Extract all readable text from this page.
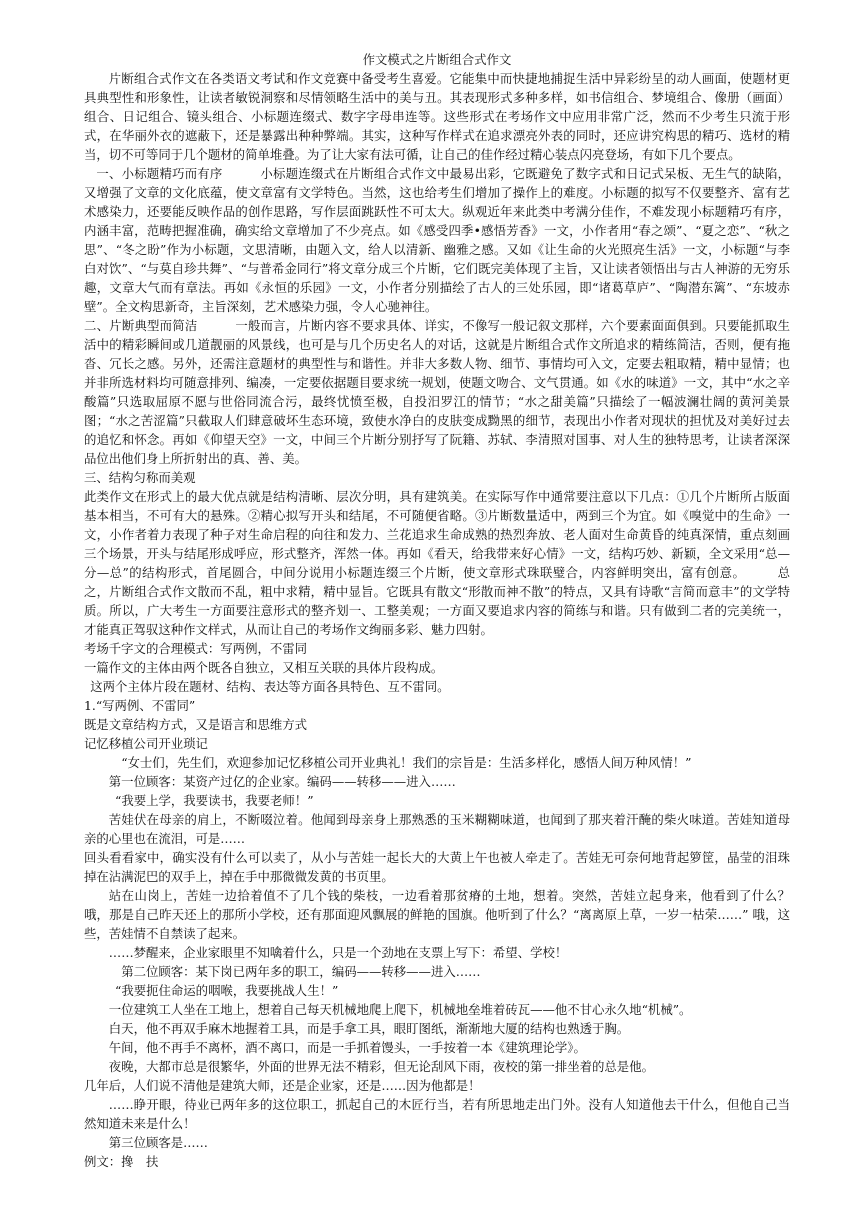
作文模式之片断组合式作文

片断组合式作文在各类语文考试和作文竞赛中备受考生喜爱。它能集中而快捷地捕捉生活中异彩纷呈的动人画面，使题材更具典型性和形象性，让读者敏锐洞察和尽情领略生活中的美与丑。其表现形式多种多样，如书信组合、梦境组合、像册（画面）组合、日记组合、镜头组合、小标题连缀式、数字字母串连等。这些形式在考场作文中应用非常广泛，然而不少考生只流于形式，在华丽外衣的遮蔽下，还是暴露出种种弊端。其实，这种写作样式在追求漂亮外表的同时，还应讲究构思的精巧、选材的精当，切不可等同于几个题材的简单堆叠。为了让大家有法可循，让自己的佳作经过精心装点闪亮登场，有如下几个要点。

一、小标题精巧而有序　　　小标题连缀式在片断组合式作文中最易出彩，它既避免了数字式和日记式呆板、无生气的缺陷，又增强了文章的文化底蕴，使文章富有文学特色。当然，这也给考生们增加了操作上的难度。小标题的拟写不仅要整齐、富有艺术感染力，还要能反映作品的创作思路，写作层面跳跃性不可太大。纵观近年来此类中考满分佳作，不难发现小标题精巧有序，内涵丰富，范畴把握准确，确实给文章增加了不少亮点。如《感受四季•感悟芳香》一文，小作者用“春之颂”、“夏之恋”、“秋之思”、“冬之盼”作为小标题，文思清晰，由题入文，给人以清新、幽雅之感。又如《让生命的火光照亮生活》一文，小标题“与李白对饮”、“与莫自珍共舞”、“与普希金同行”将文章分成三个片断，它们既完美体现了主旨，又让读者领悟出与古人神游的无穷乐趣，文章大气而有章法。再如《永恒的乐园》一文，小作者分别描绘了古人的三处乐园，即“诸葛草庐”、“陶潜东篱”、“东坡赤壁”。全文构思新奇，主旨深刻，艺术感染力强，令人心驰神往。

二、片断典型而简洁　　　一般而言，片断内容不要求具体、详实，不像写一般记叙文那样，六个要素面面俱到。只要能抓取生活中的精彩瞬间或几道靓丽的风景线，也可是与几个历史名人的对话，这就是片断组合式作文所追求的精练简洁，否则，便有拖沓、冗长之感。另外，还需注意题材的典型性与和谐性。并非大多数人物、细节、事情均可入文，定要去粗取精，精中显情；也并非所选材料均可随意排列、编凑，一定要依据题目要求统一规划，使题文吻合、文气贯通。如《水的味道》一文，其中“水之辛酸篇”只选取屈原不愿与世俗同流合污，最终忧愤至极，自投汨罗江的情节；“水之甜美篇”只描绘了一幅波澜壮阔的黄河美景图；“水之苦涩篇”只截取人们肆意破坏生态环境，致使水净白的皮肤变成黝黑的细节，表现出小作者对现状的担忧及对美好过去的追忆和怀念。再如《仰望天空》一文，中间三个片断分别抒写了阮籍、苏轼、李清照对国事、对人生的独特思考，让读者深深品位出他们身上所折射出的真、善、美。

三、结构匀称而美观

此类作文在形式上的最大优点就是结构清晰、层次分明，具有建筑美。在实际写作中通常要注意以下几点：①几个片断所占版面基本相当，不可有大的悬殊。②精心拟写开头和结尾，不可随便省略。③片断数量适中，两到三个为宜。如《嗅觉中的生命》一文，小作者着力表现了种子对生命启程的向往和发力、兰花追求生命成熟的热烈奔放、老人面对生命黄昏的纯真深情，重点刻画三个场景，开头与结尾形成呼应，形式整齐，浑然一体。再如《看天，给我带来好心情》一文，结构巧妙、新颖，全文采用“总—分—总”的结构形式，首尾圆合，中间分说用小标题连缀三个片断，使文章形式珠联璧合，内容鲜明突出，富有创意。　　　总之，片断组合式作文散而不乱，粗中求精，精中显旨。它既具有散文“形散而神不散”的特点，又具有诗歌“言简而意丰”的文学特质。所以，广大考生一方面要注意形式的整齐划一、工整美观；一方面又要追求内容的简练与和谐。只有做到二者的完美统一，才能真正驾驭这种作文样式，从而让自己的考场作文绚丽多彩、魅力四射。

考场千字文的合理模式：写两例，不雷同

一篇作文的主体由两个既各自独立，又相互关联的具体片段构成。

这两个主体片段在题材、结构、表达等方面各具特色、互不雷同。

1.“写两例、不雷同”

既是文章结构方式，又是语言和思维方式

记忆移植公司开业琐记

“女士们，先生们，欢迎参加记忆移植公司开业典礼！我们的宗旨是：生活多样化，感悟人间万种风情！”

第一位顾客：某资产过亿的企业家。编码——转移——进入……

“我要上学，我要读书，我要老师！”

苦娃伏在母亲的肩上，不断啜泣着。他闻到母亲身上那熟悉的玉米糊糊味道，也闻到了那夹着汗醃的柴火味道。苦娃知道母亲的心里也在流泪，可是……

回头看看家中，确实没有什么可以卖了，从小与苦娃一起长大的大黄上午也被人牵走了。苦娃无可奈何地背起箩筐，晶莹的泪珠掉在沾满泥巴的双手上，掉在手中那微微发黄的书页里。

站在山岗上，苦娃一边拾着值不了几个钱的柴枝，一边看着那贫瘠的土地，想着。突然，苦娃立起身来，他看到了什么？哦，那是自己昨天还上的那所小学校，还有那面迎风飘展的鲜艳的国旗。他听到了什么？“离离原上草，一岁一枯荣……” 哦，这些，苦娃情不自禁读了起来。

……梦醒来，企业家眼里不知噙着什么，只是一个劲地在支票上写下：希望、学校！

第二位顾客：某下岗已两年多的职工，编码——转移——进入……

“我要扼住命运的咽喉，我要挑战人生！”

一位建筑工人坐在工地上，想着自己每天机械地爬上爬下，机械地垒堆着砖瓦——他不甘心永久地“机械”。

白天，他不再双手麻木地握着工具，而是手拿工具，眼盯图纸，渐渐地大厦的结构也熟透于胸。

午间，他不再手不离杯，酒不离口，而是一手抓着馒头，一手按着一本《建筑理论学》。

夜晚，大都市总是很繁华，外面的世界无法不精彩，但无论刮风下雨，夜校的第一排坐着的总是他。

几年后，人们说不清他是建筑大师，还是企业家，还是……因为他都是！

……睁开眼，待业已两年多的这位职工，抓起自己的木匠行当，若有所思地走出门外。没有人知道他去干什么，但他自己当然知道未来是什么！

第三位顾客是……

例文：搀　扶
